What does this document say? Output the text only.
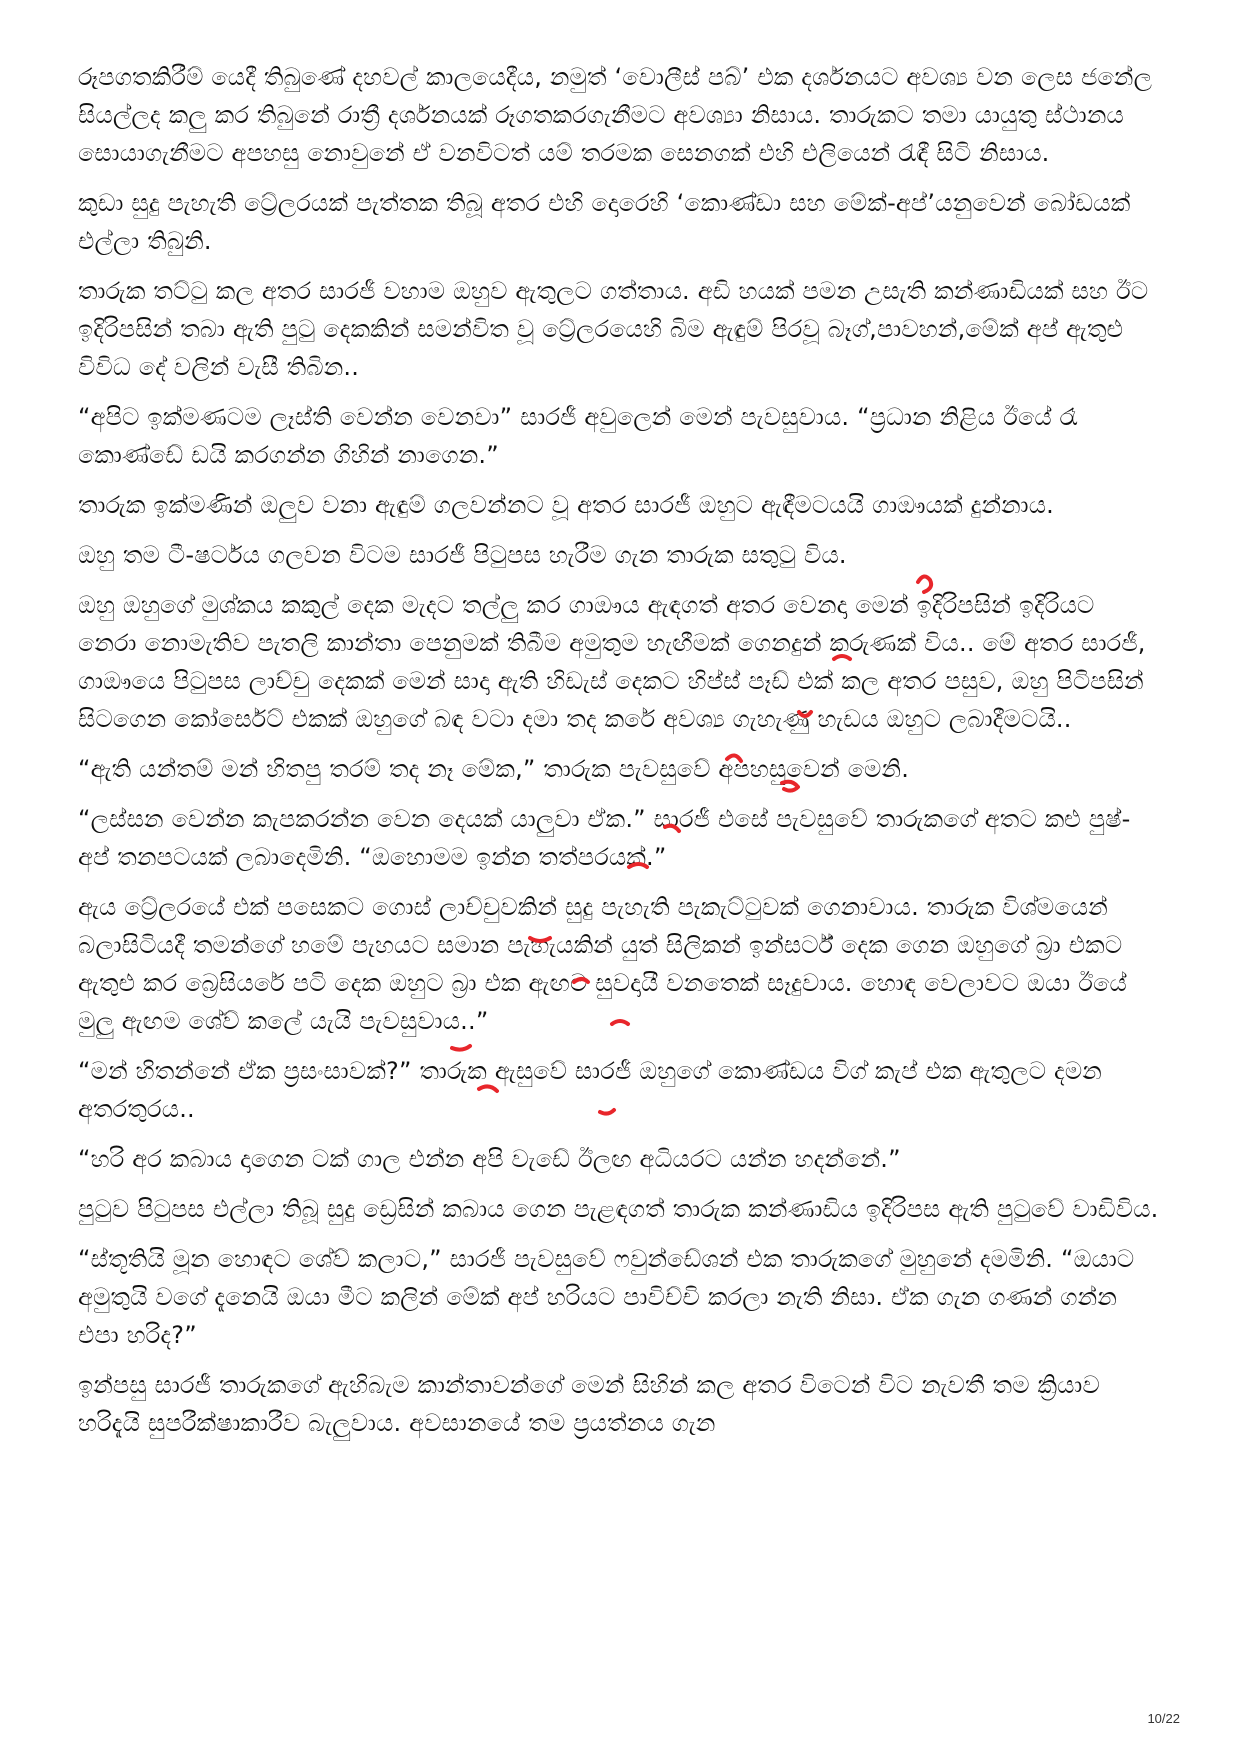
රූපගතකිරීම් යෙදී තිබුණේ දහවල් කාලයෙදීය, නමුත් ‘වොලීස් පබ්’ එක දර්ශනයට අවශ්‍ය වන ලෙස ජනේල සියල්ලද කලු කර තිබුනේ රාත්‍රී දර්ශනයක් රූගතකරගැනීමට අවශ්‍යා නිසාය. තාරුකට තමා යායුතු ස්ථානය සොයාගැනීමට අපහසු නොවුනේ ඒ වනවිටත් යම් තරමක සෙනගක් එහි එලියෙන් රැඳී සිටි නිසාය.

කුඩා සුදු පැහැති ට්‍රේලරයක් පැත්තක තිබූ අතර එහි දොරෙහි ‘කොණ්ඩා සහ මේක්-අප්’යනුවෙන් බෝඩයක් එල්ලා තිබුනි.

තාරුක තට්ටු කල අතර සාරජී වහාම ඔහුව ඇතුලට ගත්තාය. අඩි හයක් පමන උසැති කන්ණාඩියක් සහ ඊට ඉදිරිපසින් තබා ඇති පුටු දෙකකින් සමන්විත වූ ට්‍රේලරයෙහි බිම ඇඳුම් පිරවූ බෑග්,පාවහන්,මේක් අප් ඇතුළු විවිධ දේ වලින් වැසී තිබින..

“අපිට ඉක්මණටම ලෑස්ති වෙන්න වෙනවා” සාරජී අවුලෙන් මෙන් පැවසුවාය. “ප්‍රධාන නිළිය ඊයේ රෑ කොණ්ඩේ ඩයි කරගන්න ගිහින් නාගෙන.”

තාරුක ඉක්මණින් ඔලුව වනා ඇඳුම් ගලවන්නට වූ අතර සාරජී ඔහුට ඇඳීමටයයි ගාඖයක් දුන්නාය.

ඔහු තම ටී-ෂර්ටය ගලවන විටම සාරජී පිටුපස හැරීම ගැන තාරුක සතුටු විය.

ඔහු ඔහුගේ මුශ්කය කකුල් දෙක මැදට තල්ලු කර ගාඖය ඇඳගත් අතර වෙනදා මෙන් ඉදිරිපසින් ඉදිරියට නෙරා නොමැතිව පැතලි කාන්තා පෙනුමක් තිබීම අමුතුම හැඟීමක් ගෙනදුන් කරුණක් විය.. මේ අතර සාරජී, ගාඖයෙ පිටුපස ලාච්චු දෙකක් මෙන් සාදා ඇති හිඩැස් දෙකට හිප්ස් පෑඩ් එක් කල අතර පසුව, ඔහු පිටිපසින් සිටගෙන කෝර්සෙට් එකක් ඔහුගේ බඳ වටා දමා තද කරේ අවශ්‍ය ගැහැණු හැඩය ඔහුට ලබාදීමටයි..

“ඇති යන්තම් මන් හිතපු තරම් තද නෑ මේක,” තාරුක පැවසුවේ අපහසුවෙන් මෙනි.

“ලස්සන වෙන්න කැපකරන්න වෙන දෙයක් යාලුවා ඒක.” සාරජී එසේ පැවසුවේ තාරුකගේ අතට කළු පුෂ්-අප් තනපටයක් ලබාදෙමිනි. “ඔහොමම ඉන්න තත්පරයක්.”

ඇය ට්‍රේලරයේ එක් පසෙකට ගොස් ලාච්චුවකින් සුදු පැහැති පැකැට්ටුවක් ගෙනාවාය. තාරුක විශ්මයෙන් බලාසිටියදී තමන්ගේ හමේ පැහයට සමාන පැහැයකින් යුත් සිලිකන් ඉන්සර්ට් දෙක ගෙන ඔහුගේ බ්‍රා එකට ඇතුළු කර බ්‍රෙසියරේ පටි දෙක ඔහුට බ්‍රා එක ඇඟට සුවදායී වනතෙක් සෑදුවාය. හොඳ වෙලාවට ඔයා ඊයේ මුලු ඇඟම ශේව් කලේ යැයි පැවසුවාය..”

“මන් හිතන්නේ ඒක ප්‍රසංසාවක්?” තාරුක ඇසුවේ සාරජී ඔහුගේ කොණ්ඩය විග් කැප් එක ඇතුලට දමන අතරතුරය..

“හරි අර කබාය දාගෙන ටක් ගාල එන්න අපි වැඩේ ඊලඟ අධියරට යන්න හදන්නේ.”

පුටුව පිටුපස එල්ලා තිබූ සුදු ඩ්‍රෙසින් කබාය ගෙන පැළඳගත් තාරුක කන්ණාඩිය ඉදිරිපස ඇති පුටුවේ වාඩිවිය.

“ස්තූතියි මූන හොඳට ශේව් කලාට,” සාරජී පැවසුවේ ෆවුන්ඩේශන් එක තාරුකගේ මුහුනේ දමමිනි. “ඔයාට අමුතුයි වගේ දැනෙයි ඔයා මීට කලින් මේක් අප් හරියට පාවිච්චි කරලා නැති නිසා. ඒක ගැන ගණන් ගන්න එපා හරිද?”

ඉන්පසු සාරජී තාරුකගේ ඇහිබැම කාන්තාවන්ගේ මෙන් සිහින් කල අතර විටෙන් විට නැවතී තම ක්‍රියාව හරිදැයි සුපරීක්ෂාකාරීව බැලුවාය. අවසානයේ තම ප්‍රයත්නය ගැන

10/22
